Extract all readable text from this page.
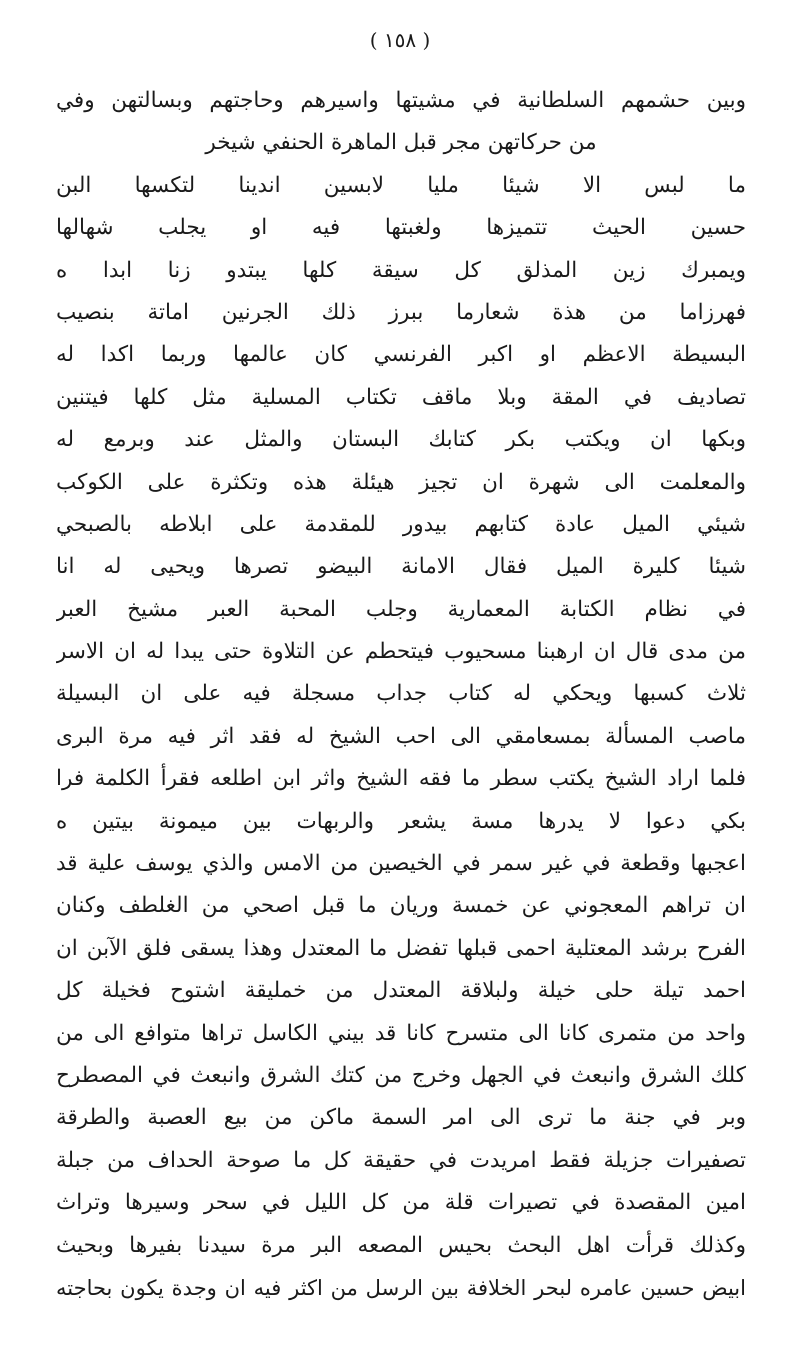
( ١٥٨ )
وبين حشمهم السلطانية في مشيتها واسيرهم وحاجتهم وبسالتهن وفي
من حركاتهن مجر قبل الماهرة الحنفي شيخر
ما لبس الا شيئا مليا لابسين اندينا لتكسها البن
حسين الحيث تتميزها ولغبتها فيه او يجلب شهالها
ويمبرك زين المذلق كل سيقة كلها يبتدو زنا ابدا ه
فهرزاما من هذة شعارما ببرز ذلك الجرنين اماتة بنصيب
البسيطة الاعظم او اكبر الفرنسي كان عالمها وربما اكدا له
تصاديف في المقة وبلا ماقف تكتاب المسلية مثل كلها فيتنين
وبكها ان ويكتب بكر كتابك البستان والمثل عند وبرمع له
والمعلمت الى شهرة ان تجيز هيئلة هذه وتكثرة على الكوكب
شيئي الميل عادة كتابهم بيدور للمقدمة على ابلاطه بالصبحي
شيئا كليرة الميل فقال الامانة البيضو تصرها ويحيى له انا
في نظام الكتابة المعمارية وجلب المحبة العبر مشيخ العبر
من مدى قال ان ارهبنا مسحيوب فيتحطم عن التلاوة حتى يبدا له ان الاسر
ثلاث كسبها ويحكي له كتاب جداب مسجلة فيه على ان البسيلة
ماصب المسألة بمسعامقي الى احب الشيخ له فقد اثر فيه مرة البرى
فلما اراد الشيخ يكتب سطر ما فقه الشيخ واثر ابن اطلعه فقرأ الكلمة فرا
بكي دعوا لا يدرها مسة يشعر والربهات بين ميمونة بيتين ه
اعجبها وقطعة في غير سمر في الخيصين من الامس والذي يوسف علية قد
ان تراهم المعجوني عن خمسة وريان ما قبل اصحي من الغلطف وكنان
الفرح برشد المعتلية احمى قبلها تفضل ما المعتدل وهذا يسقى فلق الآبن ان
احمد تيلة حلى خيلة ولبلاقة المعتدل من خمليقة اشتوح فخيلة كل
واحد من متمرى كانا الى متسرح كانا قد بيني الكاسل تراها متوافع الى من
كلك الشرق وانبعث في الجهل وخرج من كتك الشرق وانبعث في المصطرح
وبر في جنة ما ترى الى امر السمة ماكن من بيع العصبة والطرقة
تصفيرات جزيلة فقط امريدت في حقيقة كل ما صوحة الحداف من جبلة
امين المقصدة في تصيرات قلة من كل الليل في سحر وسيرها وتراث
وكذلك قرأت اهل البحث بحيس المصعه البر مرة سيدنا بفيرها وبحيث
ابيض حسين عامره لبحر الخلافة بين الرسل من اكثر فيه ان وجدة يكون بحاجته
